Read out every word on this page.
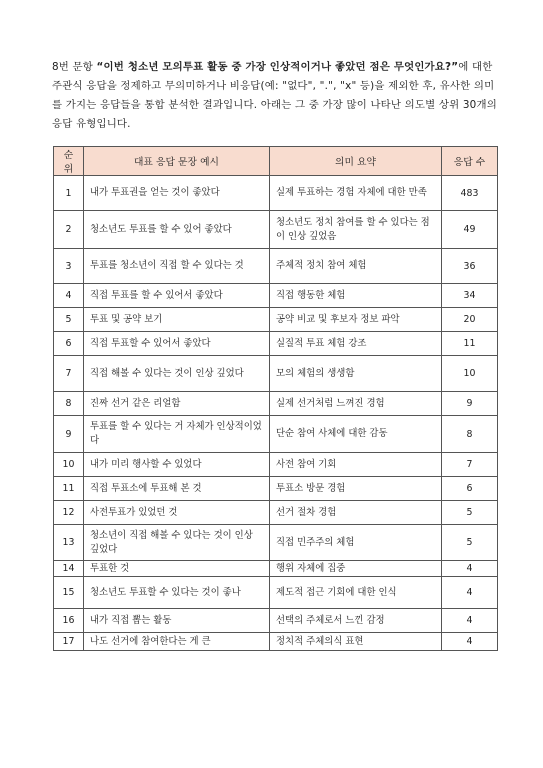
8번 문항 “이번 청소년 모의투표 활동 중 가장 인상적이거나 좋았던 점은 무엇인가요?”에 대한 주관식 응답을 정제하고 무의미하거나 비응답(예: "없다", ".", "x" 등)을 제외한 후, 유사한 의미를 가지는 응답들을 통합 분석한 결과입니다. 아래는 그 중 가장 많이 나타난 의도별 상위 30개의 응답 유형입니다.
순위	대표 응답 문장 예시	의미 요약	응답 수
1	내가 투표권을 얻는 것이 좋았다	실제 투표하는 경험 자체에 대한 만족	483
2	청소년도 투표를 할 수 있어 좋았다	청소년도 정치 참여를 할 수 있다는 점이 인상 깊었음	49
3	투표를 청소년이 직접 할 수 있다는 것	주체적 정치 참여 체험	36
4	직접 투표를 할 수 있어서 좋았다	직접 행동한 체험	34
5	투표 및 공약 보기	공약 비교 및 후보자 정보 파악	20
6	직접 투표할 수 있어서 좋았다	실질적 투표 체험 강조	11
7	직접 해볼 수 있다는 것이 인상 깊었다	모의 체험의 생생함	10
8	진짜 선거 같은 리얼함	실제 선거처럼 느껴진 경험	9
9	투표를 할 수 있다는 거 자체가 인상적이었다	단순 참여 사체에 대한 감동	8
10	내가 미리 행사할 수 있었다	사전 참여 기회	7
11	직접 투표소에 투표해 본 것	투표소 방문 경험	6
12	사전투표가 있었던 것	선거 절차 경험	5
13	청소년이 직접 해볼 수 있다는 것이 인상 깊었다	직접 민주주의 체험	5
14	투표한 것	행위 자체에 집중	4
15	청소년도 투표할 수 있다는 것이 좋나	제도적 접근 기회에 대한 인식	4
16	내가 직접 뽑는 활동	선택의 주체로서 느낀 감정	4
17	나도 선거에 참여한다는 게 큰	정치적 주체의식 표현	4
